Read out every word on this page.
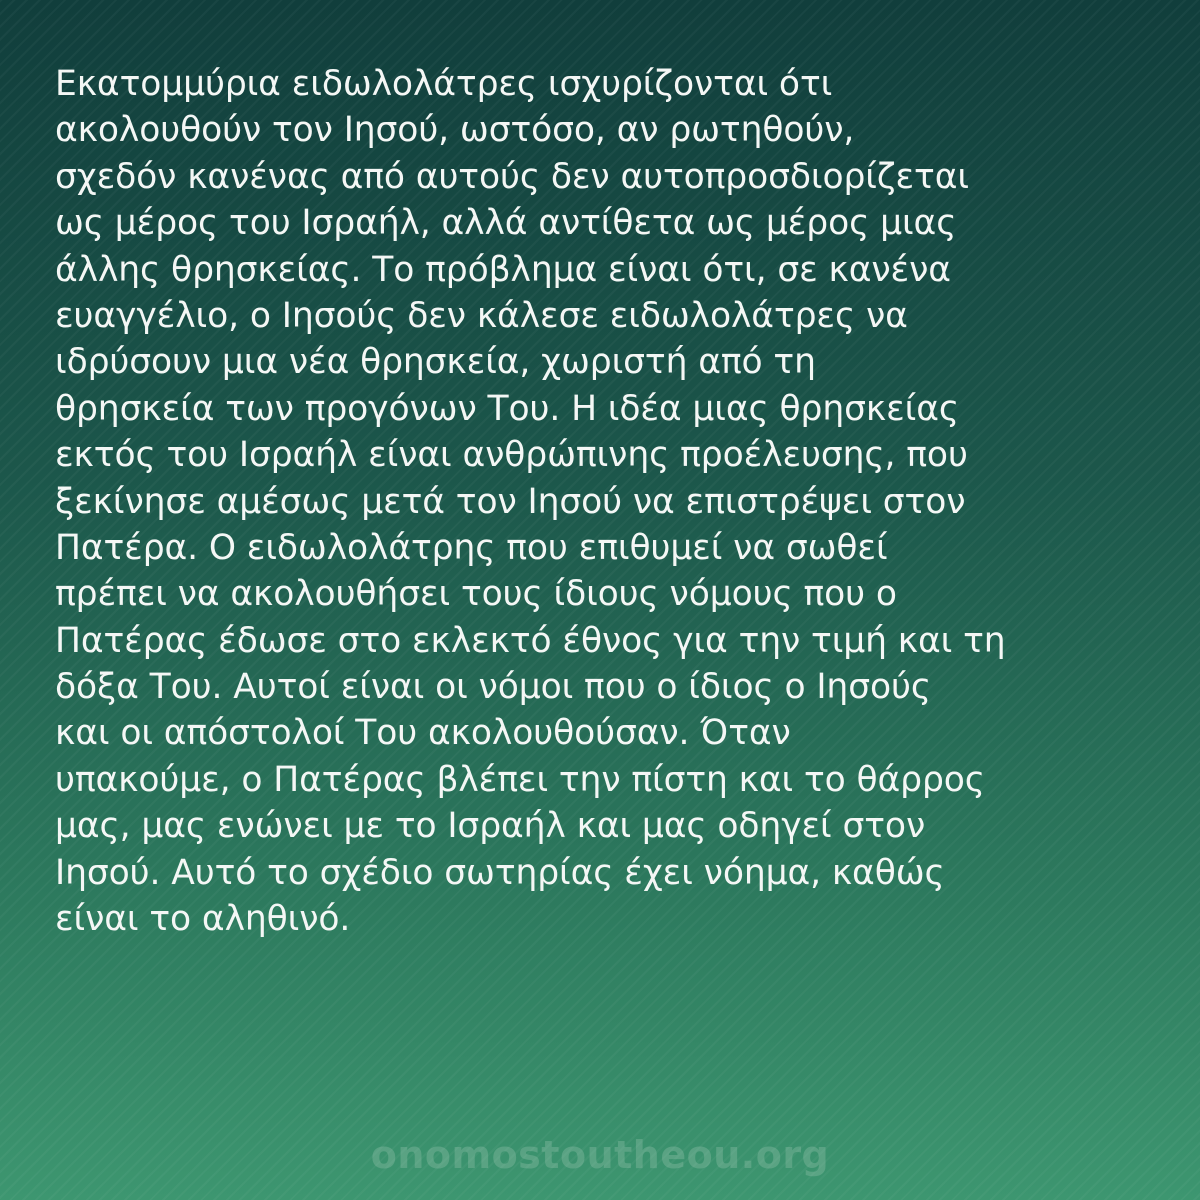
Εκατομμύρια ειδωλολάτρες ισχυρίζονται ότι
ακολουθούν τον Ιησού, ωστόσο, αν ρωτηθούν,
σχεδόν κανένας από αυτούς δεν αυτοπροσδιορίζεται
ως μέρος του Ισραήλ, αλλά αντίθετα ως μέρος μιας
άλλης θρησκείας. Το πρόβλημα είναι ότι, σε κανένα
ευαγγέλιο, ο Ιησούς δεν κάλεσε ειδωλολάτρες να
ιδρύσουν μια νέα θρησκεία, χωριστή από τη
θρησκεία των προγόνων Του. Η ιδέα μιας θρησκείας
εκτός του Ισραήλ είναι ανθρώπινης προέλευσης, που
ξεκίνησε αμέσως μετά τον Ιησού να επιστρέψει στον
Πατέρα. Ο ειδωλολάτρης που επιθυμεί να σωθεί
πρέπει να ακολουθήσει τους ίδιους νόμους που ο
Πατέρας έδωσε στο εκλεκτό έθνος για την τιμή και τη
δόξα Του. Αυτοί είναι οι νόμοι που ο ίδιος ο Ιησούς
και οι απόστολοί Του ακολουθούσαν. Όταν
υπακούμε, ο Πατέρας βλέπει την πίστη και το θάρρος
μας, μας ενώνει με το Ισραήλ και μας οδηγεί στον
Ιησού. Αυτό το σχέδιο σωτηρίας έχει νόημα, καθώς
είναι το αληθινό.

onomostoutheou.org
